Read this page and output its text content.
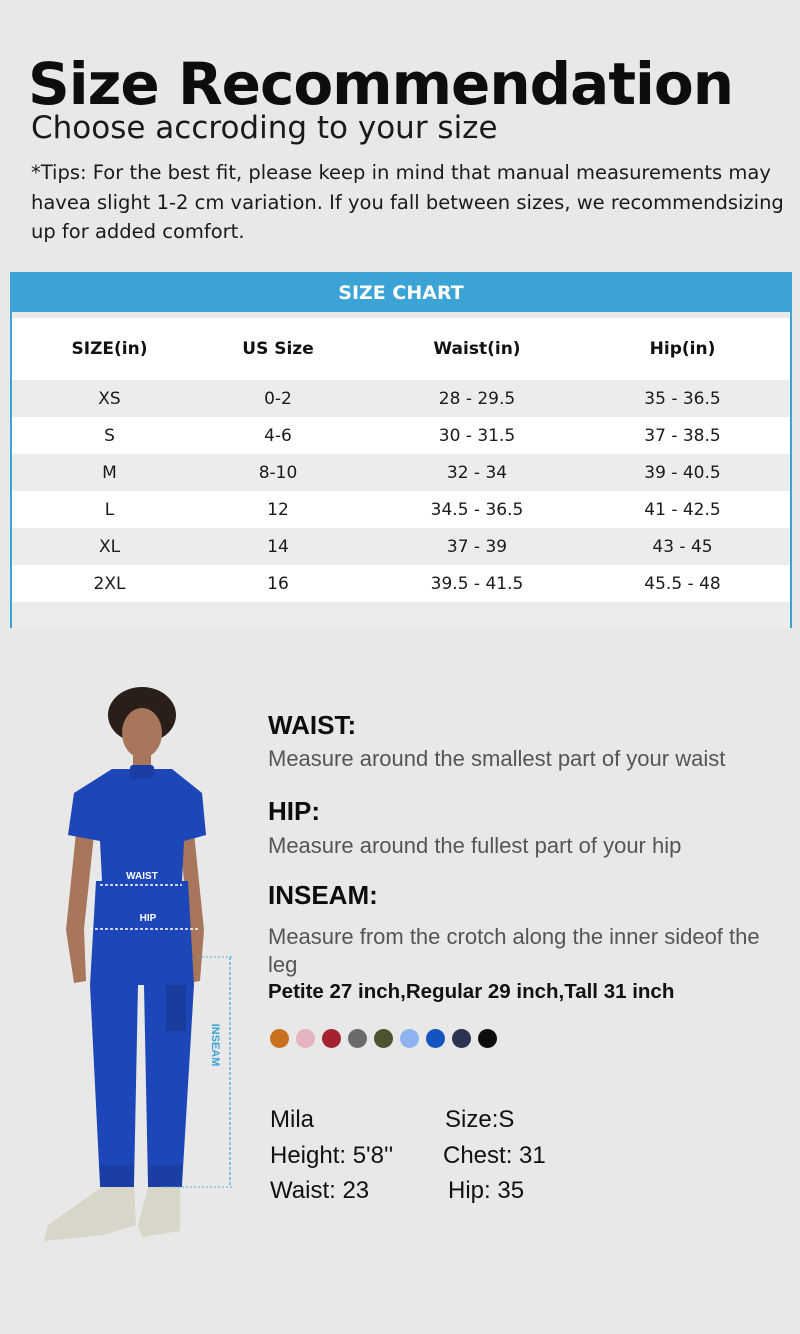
Size Recommendation
Choose accroding to your size
*Tips: For the best fit, please keep in mind that manual measurements may havea slight 1-2 cm variation. If you fall between sizes, we recommendsizing up for added comfort.
SIZE CHART
SIZE(in)	US Size	Waist(in)	Hip(in)
XS	0-2	28 - 29.5	35 - 36.5
S	4-6	30 - 31.5	37 - 38.5
M	8-10	32 - 34	39 - 40.5
L	12	34.5 - 36.5	41 - 42.5
XL	14	37 - 39	43 - 45
2XL	16	39.5 - 41.5	45.5 - 48
WAIST
HIP
INSEAM
WAIST:
Measure around the smallest part of your waist
HIP:
Measure around the fullest part of your hip
INSEAM:
Measure from the crotch along the inner sideof the leg
Petite 27 inch,Regular 29 inch,Tall 31 inch
Mila	Size:S
Height: 5'8'' Chest: 31
Waist: 23	Hip: 35
